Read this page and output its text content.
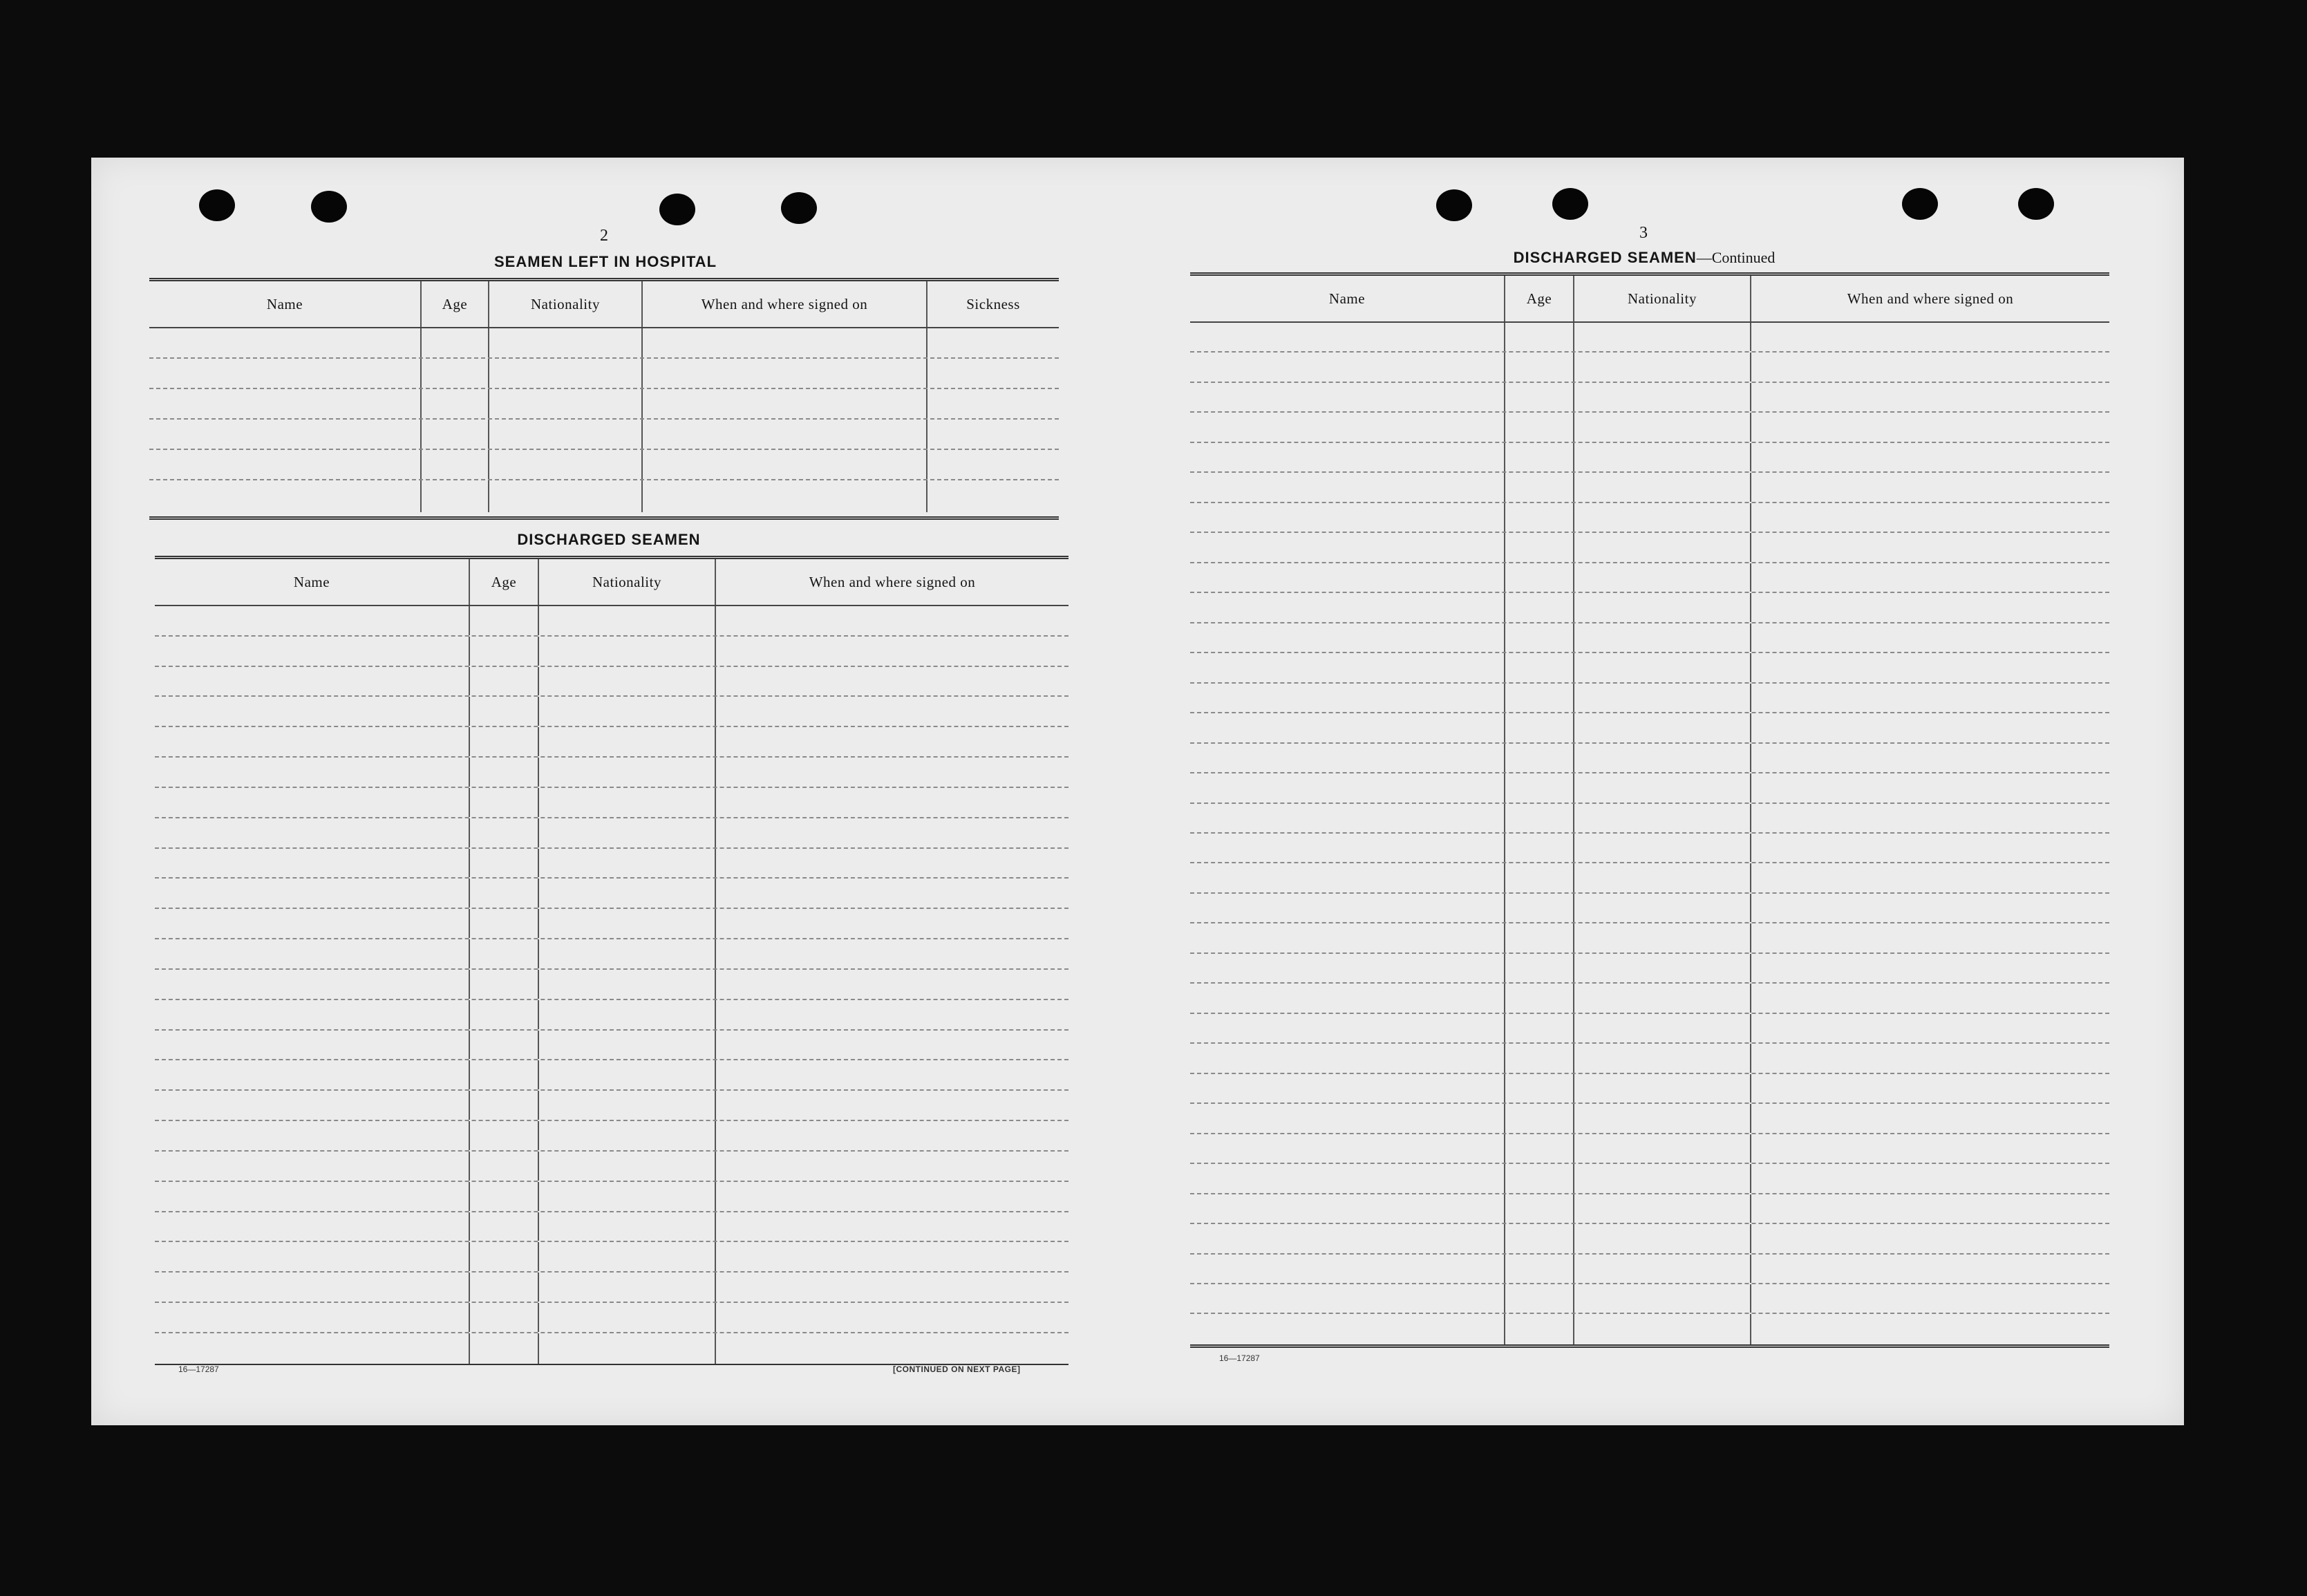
2
SEAMEN LEFT IN HOSPITAL
Name	Age	Nationality	When and where signed on	Sickness
DISCHARGED SEAMEN
Name	Age	Nationality	When and where signed on
16—17287	[CONTINUED ON NEXT PAGE]
3
DISCHARGED SEAMEN—Continued
Name	Age	Nationality	When and where signed on
16—17287
